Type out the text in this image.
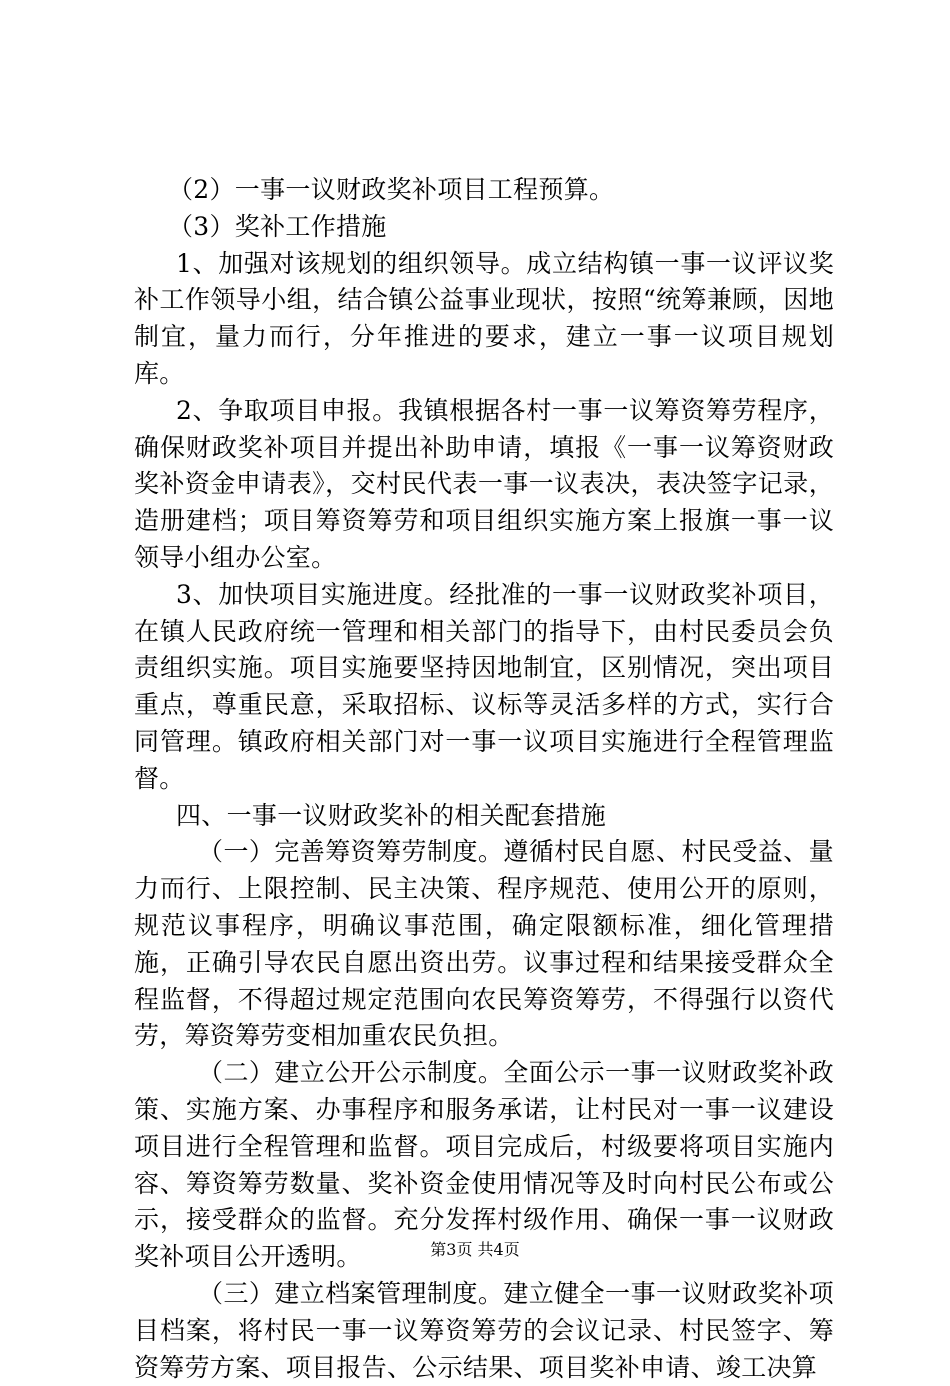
（2）一事一议财政奖补项目工程预算。

（3）奖补工作措施

1、加强对该规划的组织领导。成立结构镇一事一议评议奖补工作领导小组，结合镇公益事业现状，按照“统筹兼顾，因地制宜，量力而行，分年推进的要求，建立一事一议项目规划库。

2、争取项目申报。我镇根据各村一事一议筹资筹劳程序，确保财政奖补项目并提出补助申请，填报《一事一议筹资财政奖补资金申请表》，交村民代表一事一议表决，表决签字记录，造册建档；项目筹资筹劳和项目组织实施方案上报旗一事一议领导小组办公室。

3、加快项目实施进度。经批准的一事一议财政奖补项目，在镇人民政府统一管理和相关部门的指导下，由村民委员会负责组织实施。项目实施要坚持因地制宜，区别情况，突出项目重点，尊重民意，采取招标、议标等灵活多样的方式，实行合同管理。镇政府相关部门对一事一议项目实施进行全程管理监督。

四、一事一议财政奖补的相关配套措施

（一）完善筹资筹劳制度。遵循村民自愿、村民受益、量力而行、上限控制、民主决策、程序规范、使用公开的原则，规范议事程序，明确议事范围，确定限额标准，细化管理措施，正确引导农民自愿出资出劳。议事过程和结果接受群众全程监督，不得超过规定范围向农民筹资筹劳，不得强行以资代劳，筹资筹劳变相加重农民负担。

（二）建立公开公示制度。全面公示一事一议财政奖补政策、实施方案、办事程序和服务承诺，让村民对一事一议建设项目进行全程管理和监督。项目完成后，村级要将项目实施内容、筹资筹劳数量、奖补资金使用情况等及时向村民公布或公示，接受群众的监督。充分发挥村级作用、确保一事一议财政奖补项目公开透明。

（三）建立档案管理制度。建立健全一事一议财政奖补项目档案，将村民一事一议筹资筹劳的会议记录、村民签字、筹资筹劳方案、项目报告、公示结果、项目奖补申请、竣工决算

第3页 共4页
